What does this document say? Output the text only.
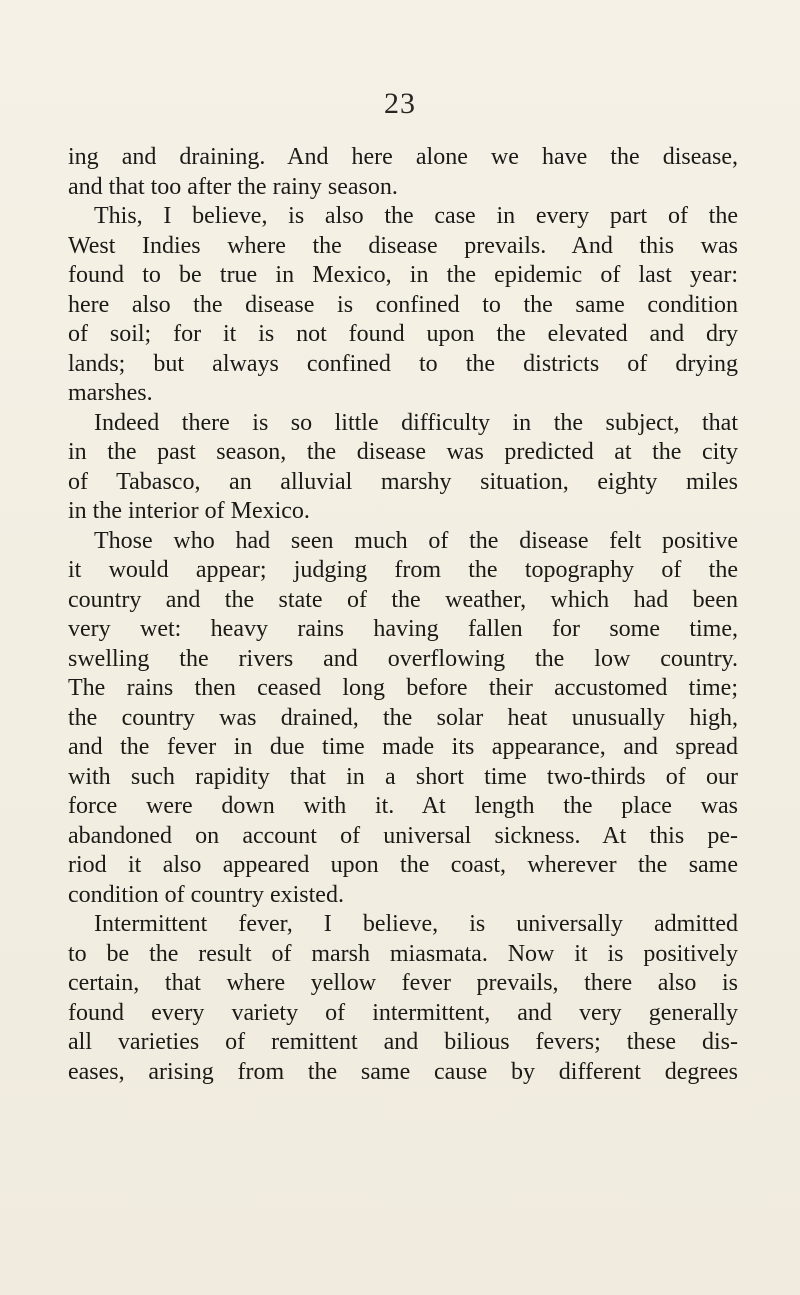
23
ing and draining. And here alone we have the disease,
and that too after the rainy season.
This, I believe, is also the case in every part of the
West Indies where the disease prevails. And this was
found to be true in Mexico, in the epidemic of last year:
here also the disease is confined to the same condition
of soil; for it is not found upon the elevated and dry
lands; but always confined to the districts of drying
marshes.
Indeed there is so little difficulty in the subject, that
in the past season, the disease was predicted at the city
of Tabasco, an alluvial marshy situation, eighty miles
in the interior of Mexico.
Those who had seen much of the disease felt positive
it would appear; judging from the topography of the
country and the state of the weather, which had been
very wet: heavy rains having fallen for some time,
swelling the rivers and overflowing the low country.
The rains then ceased long before their accustomed time;
the country was drained, the solar heat unusually high,
and the fever in due time made its appearance, and spread
with such rapidity that in a short time two-thirds of our
force were down with it. At length the place was
abandoned on account of universal sickness. At this pe-
riod it also appeared upon the coast, wherever the same
condition of country existed.
Intermittent fever, I believe, is universally admitted
to be the result of marsh miasmata. Now it is positively
certain, that where yellow fever prevails, there also is
found every variety of intermittent, and very generally
all varieties of remittent and bilious fevers; these dis-
eases, arising from the same cause by different degrees
